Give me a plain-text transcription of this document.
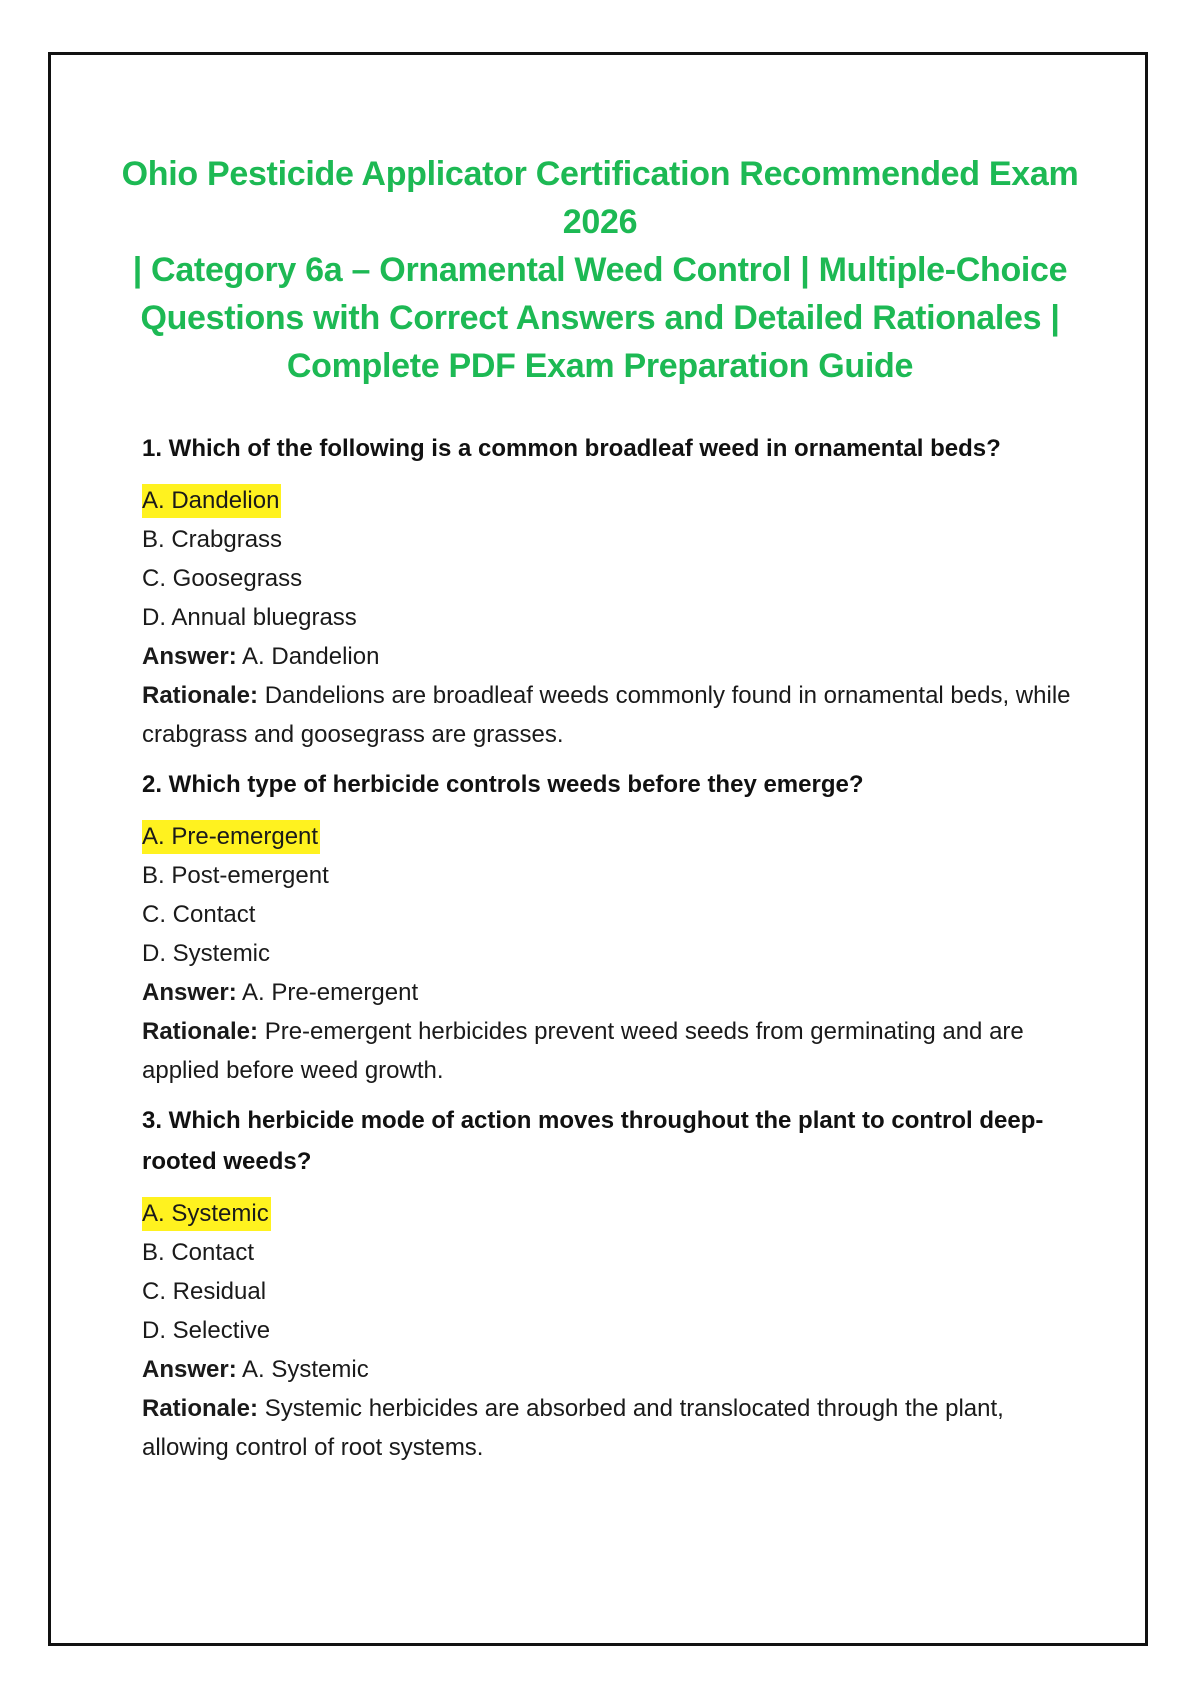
Ohio Pesticide Applicator Certification Recommended Exam 2026
| Category 6a – Ornamental Weed Control | Multiple-Choice
Questions with Correct Answers and Detailed Rationales |
Complete PDF Exam Preparation Guide

1. Which of the following is a common broadleaf weed in ornamental beds?

A. Dandelion
B. Crabgrass
C. Goosegrass
D. Annual bluegrass

Answer: A. Dandelion

Rationale: Dandelions are broadleaf weeds commonly found in ornamental beds, while crabgrass and goosegrass are grasses.

2. Which type of herbicide controls weeds before they emerge?

A. Pre-emergent
B. Post-emergent
C. Contact
D. Systemic

Answer: A. Pre-emergent

Rationale: Pre-emergent herbicides prevent weed seeds from germinating and are applied before weed growth.

3. Which herbicide mode of action moves throughout the plant to control deep-rooted weeds?

A. Systemic
B. Contact
C. Residual
D. Selective

Answer: A. Systemic

Rationale: Systemic herbicides are absorbed and translocated through the plant, allowing control of root systems.
